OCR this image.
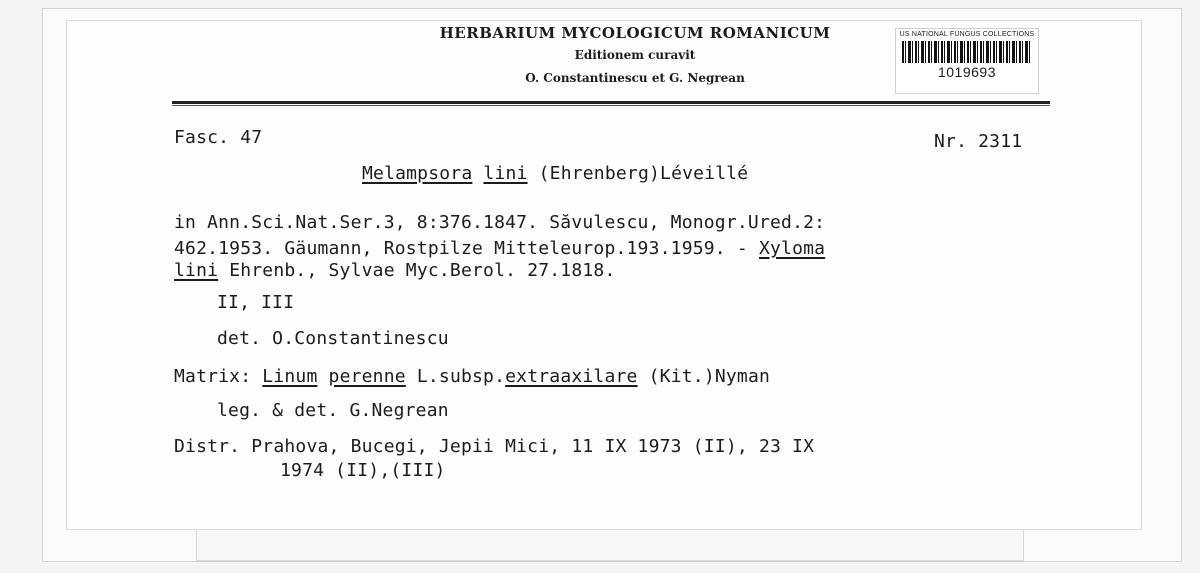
HERBARIUM MYCOLOGICUM ROMANICUM
Editionem curavit
O. Constantinescu et G. Negrean
US NATIONAL FUNGUS COLLECTIONS
1019693
Fasc. 47	Nr. 2311
Melampsora lini (Ehrenberg)Léveillé
in Ann.Sci.Nat.Ser.3, 8:376.1847. Săvulescu, Monogr.Ured.2:
462.1953. Gäumann, Rostpilze Mitteleurop.193.1959. - Xyloma
lini Ehrenb., Sylvae Myc.Berol. 27.1818.
II, III
det. O.Constantinescu
Matrix: Linum perenne L.subsp.extraaxilare (Kit.)Nyman
leg. & det. G.Negrean
Distr. Prahova, Bucegi, Jepii Mici, 11 IX 1973 (II), 23 IX
1974 (II),(III)
